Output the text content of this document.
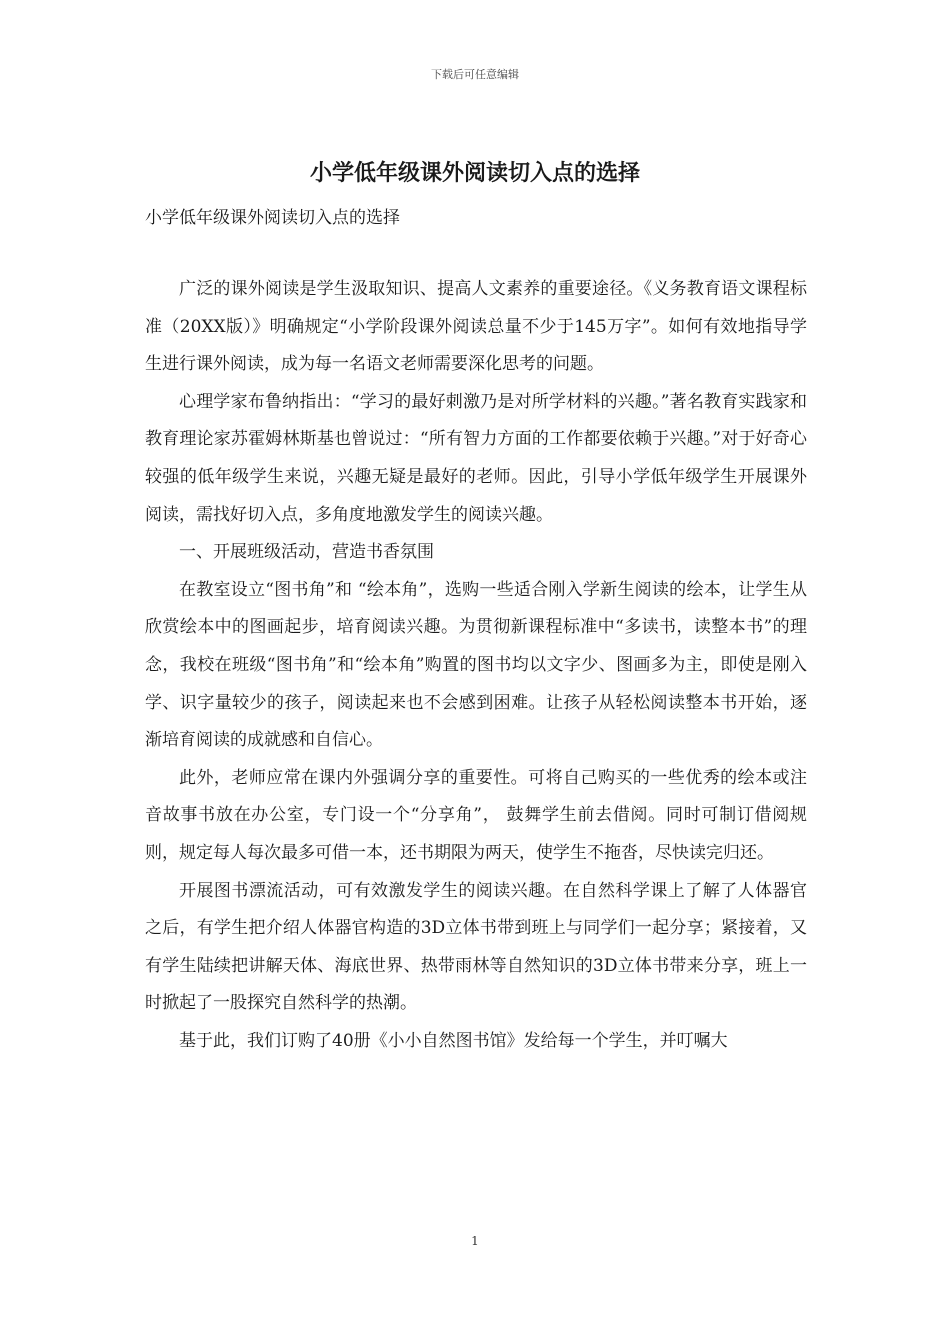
下载后可任意编辑
小学低年级课外阅读切入点的选择
小学低年级课外阅读切入点的选择

广泛的课外阅读是学生汲取知识、提高人文素养的重要途径。《义务教育语文课程标准（20XX版）》明确规定“小学阶段课外阅读总量不少于145万字”。如何有效地指导学生进行课外阅读，成为每一名语文老师需要深化思考的问题。

心理学家布鲁纳指出：“学习的最好刺激乃是对所学材料的兴趣。”著名教育实践家和教育理论家苏霍姆林斯基也曾说过：“所有智力方面的工作都要依赖于兴趣。”对于好奇心较强的低年级学生来说，兴趣无疑是最好的老师。因此，引导小学低年级学生开展课外阅读，需找好切入点，多角度地激发学生的阅读兴趣。

一、开展班级活动，营造书香氛围

在教室设立“图书角”和 “绘本角”，选购一些适合刚入学新生阅读的绘本，让学生从欣赏绘本中的图画起步，培育阅读兴趣。为贯彻新课程标准中“多读书，读整本书”的理念，我校在班级“图书角”和“绘本角”购置的图书均以文字少、图画多为主，即使是刚入学、识字量较少的孩子，阅读起来也不会感到困难。让孩子从轻松阅读整本书开始，逐渐培育阅读的成就感和自信心。

此外，老师应常在课内外强调分享的重要性。可将自己购买的一些优秀的绘本或注音故事书放在办公室，专门设一个“分享角”， 鼓舞学生前去借阅。同时可制订借阅规则，规定每人每次最多可借一本，还书期限为两天，使学生不拖沓，尽快读完归还。

开展图书漂流活动，可有效激发学生的阅读兴趣。在自然科学课上了解了人体器官之后，有学生把介绍人体器官构造的3D立体书带到班上与同学们一起分享；紧接着，又有学生陆续把讲解天体、海底世界、热带雨林等自然知识的3D立体书带来分享，班上一时掀起了一股探究自然科学的热潮。

基于此，我们订购了40册《小小自然图书馆》发给每一个学生，并叮嘱大

1
